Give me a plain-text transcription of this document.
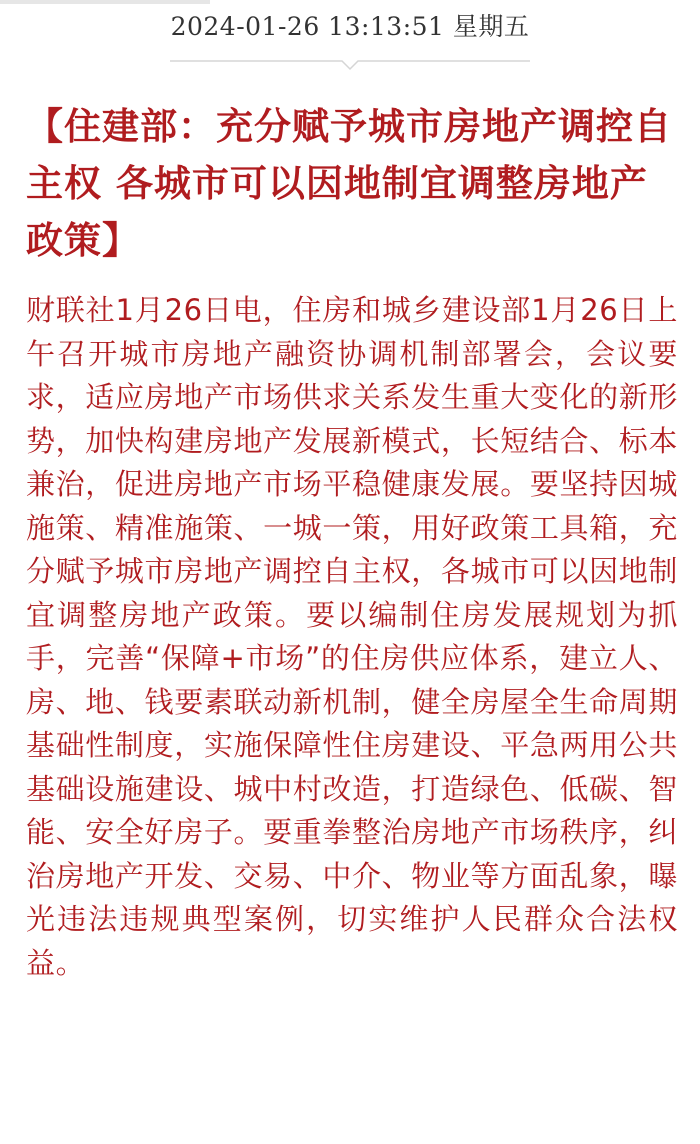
2024-01-26 13:13:51 星期五
【住建部：充分赋予城市房地产调控自主权 各城市可以因地制宜调整房地产政策】

财联社1月26日电，住房和城乡建设部1月26日上午召开城市房地产融资协调机制部署会，会议要求，适应房地产市场供求关系发生重大变化的新形势，加快构建房地产发展新模式，长短结合、标本兼治，促进房地产市场平稳健康发展。要坚持因城施策、精准施策、一城一策，用好政策工具箱，充分赋予城市房地产调控自主权，各城市可以因地制宜调整房地产政策。要以编制住房发展规划为抓手，完善“保障+市场”的住房供应体系，建立人、房、地、钱要素联动新机制，健全房屋全生命周期基础性制度，实施保障性住房建设、平急两用公共基础设施建设、城中村改造，打造绿色、低碳、智能、安全好房子。要重拳整治房地产市场秩序，纠治房地产开发、交易、中介、物业等方面乱象，曝光违法违规典型案例，切实维护人民群众合法权益。
